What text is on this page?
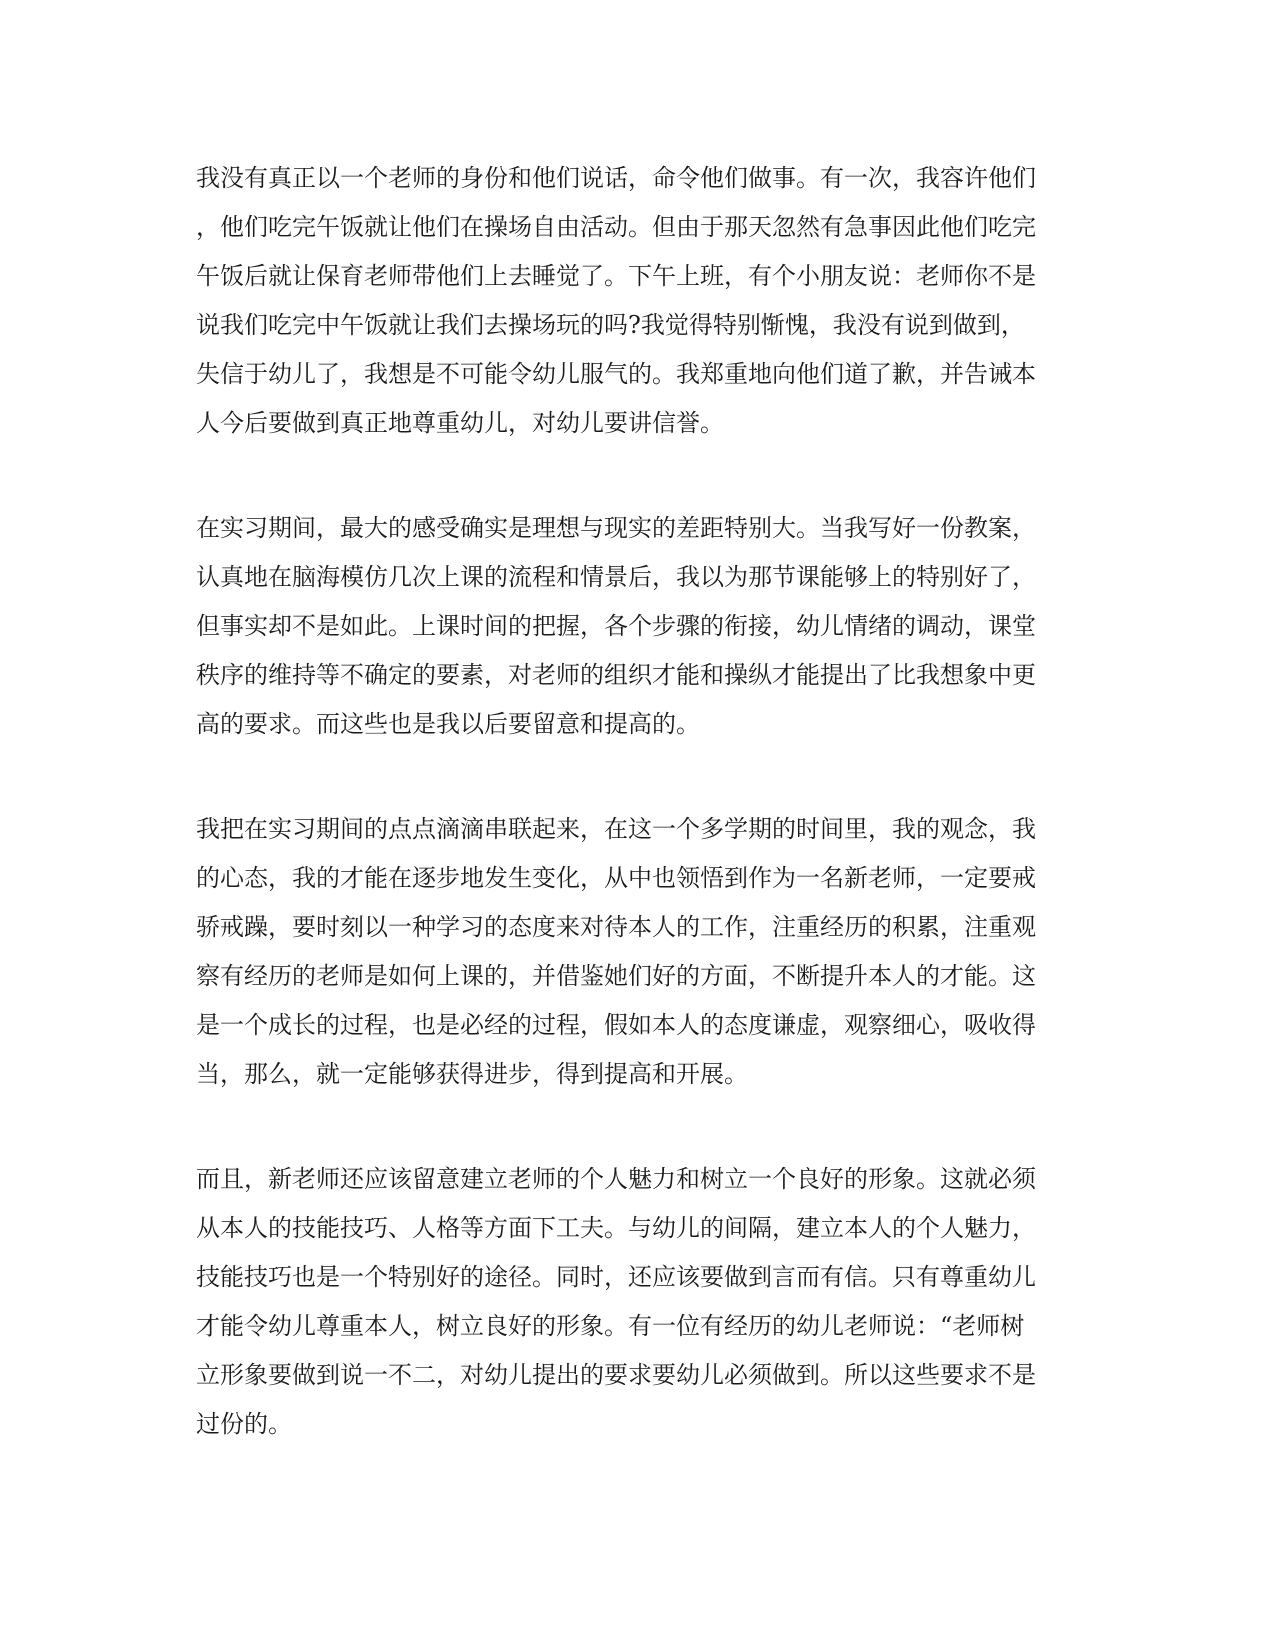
我没有真正以一个老师的身份和他们说话，命令他们做事。有一次，我容许他们
，他们吃完午饭就让他们在操场自由活动。但由于那天忽然有急事因此他们吃完
午饭后就让保育老师带他们上去睡觉了。下午上班，有个小朋友说：老师你不是
说我们吃完中午饭就让我们去操场玩的吗?我觉得特别惭愧，我没有说到做到，
失信于幼儿了，我想是不可能令幼儿服气的。我郑重地向他们道了歉，并告诫本
人今后要做到真正地尊重幼儿，对幼儿要讲信誉。
在实习期间，最大的感受确实是理想与现实的差距特别大。当我写好一份教案，
认真地在脑海模仿几次上课的流程和情景后，我以为那节课能够上的特别好了，
但事实却不是如此。上课时间的把握，各个步骤的衔接，幼儿情绪的调动，课堂
秩序的维持等不确定的要素，对老师的组织才能和操纵才能提出了比我想象中更
高的要求。而这些也是我以后要留意和提高的。
我把在实习期间的点点滴滴串联起来，在这一个多学期的时间里，我的观念，我
的心态，我的才能在逐步地发生变化，从中也领悟到作为一名新老师，一定要戒
骄戒躁，要时刻以一种学习的态度来对待本人的工作，注重经历的积累，注重观
察有经历的老师是如何上课的，并借鉴她们好的方面，不断提升本人的才能。这
是一个成长的过程，也是必经的过程，假如本人的态度谦虚，观察细心，吸收得
当，那么，就一定能够获得进步，得到提高和开展。
而且，新老师还应该留意建立老师的个人魅力和树立一个良好的形象。这就必须
从本人的技能技巧、人格等方面下工夫。与幼儿的间隔，建立本人的个人魅力，
技能技巧也是一个特别好的途径。同时，还应该要做到言而有信。只有尊重幼儿
才能令幼儿尊重本人，树立良好的形象。有一位有经历的幼儿老师说：“老师树
立形象要做到说一不二，对幼儿提出的要求要幼儿必须做到。所以这些要求不是
过份的。
